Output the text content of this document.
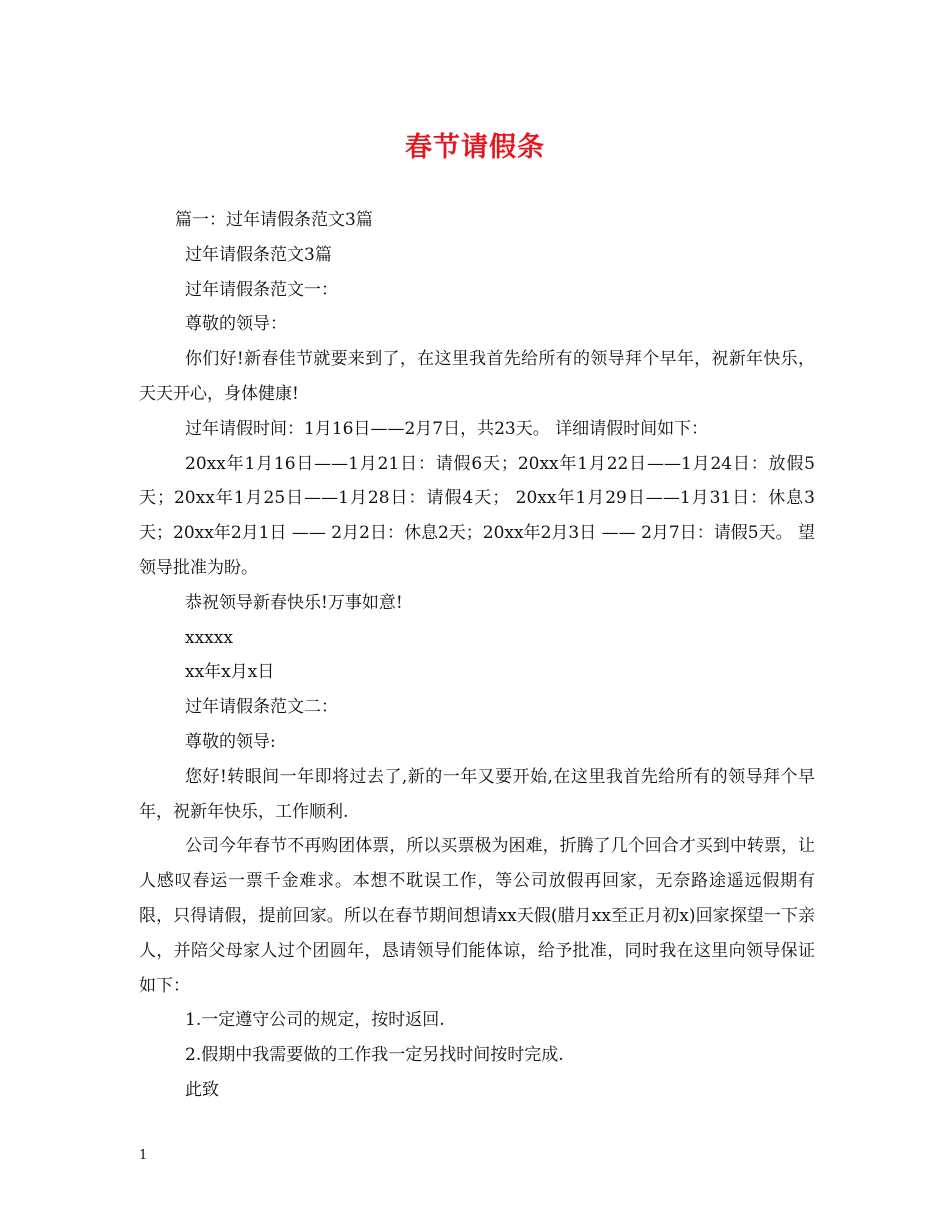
春节请假条

篇一：过年请假条范文3篇

过年请假条范文3篇

过年请假条范文一：

尊敬的领导：

你们好!新春佳节就要来到了，在这里我首先给所有的领导拜个早年，祝新年快乐，天天开心，身体健康!

过年请假时间：1月16日——2月7日，共23天。 详细请假时间如下：

20xx年1月16日——1月21日：请假6天；20xx年1月22日——1月24日：放假5天；20xx年1月25日——1月28日：请假4天； 20xx年1月29日——1月31日：休息3天；20xx年2月1日 —— 2月2日：休息2天；20xx年2月3日 —— 2月7日：请假5天。 望领导批准为盼。

恭祝领导新春快乐!万事如意!

xxxxx

xx年x月x日

过年请假条范文二：

尊敬的领导:

您好!转眼间一年即将过去了,新的一年又要开始,在这里我首先给所有的领导拜个早年，祝新年快乐，工作顺利.

公司今年春节不再购团体票，所以买票极为困难，折腾了几个回合才买到中转票，让人感叹春运一票千金难求。本想不耽误工作，等公司放假再回家，无奈路途遥远假期有限，只得请假，提前回家。所以在春节期间想请xx天假(腊月xx至正月初x)回家探望一下亲人，并陪父母家人过个团圆年，恳请领导们能体谅，给予批准，同时我在这里向领导保证如下：

1.一定遵守公司的规定，按时返回.

2.假期中我需要做的工作我一定另找时间按时完成.

此致

1
